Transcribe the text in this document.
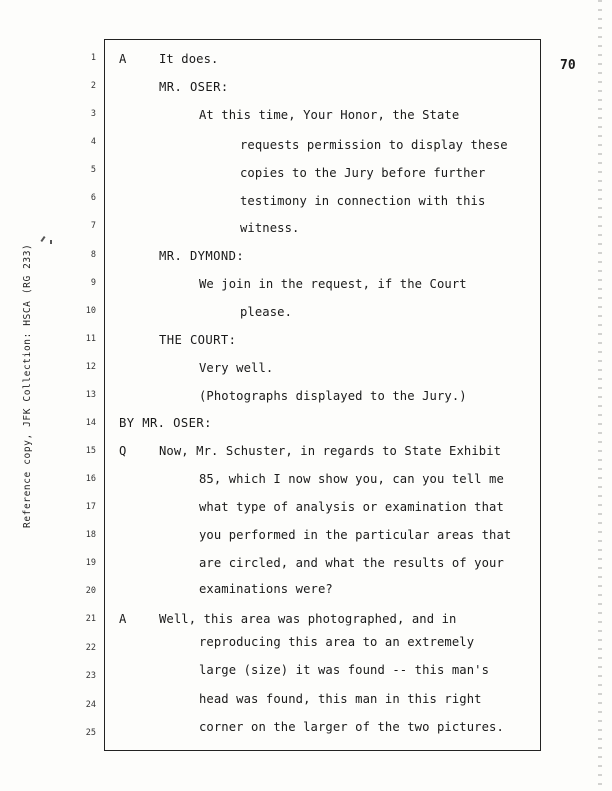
Reference copy, JFK Collection: HSCA (RG 233)
70
1
2
3
4
5
6
7
8
9
10
11
12
13
14
15
16
17
18
19
20
21
22
23
24
25
A
Q
A
It does.
MR. OSER:
At this time, Your Honor, the State
requests permission to display these
copies to the Jury before further
testimony in connection with this
witness.
MR. DYMOND:
We join in the request, if the Court
please.
THE COURT:
Very well.
(Photographs displayed to the Jury.)
BY MR. OSER:
Now, Mr. Schuster, in regards to State Exhibit
85, which I now show you, can you tell me
what type of analysis or examination that
you performed in the particular areas that
are circled, and what the results of your
examinations were?
Well, this area was photographed, and in
reproducing this area to an extremely
large (size) it was found -- this man's
head was found, this man in this right
corner on the larger of the two pictures.
